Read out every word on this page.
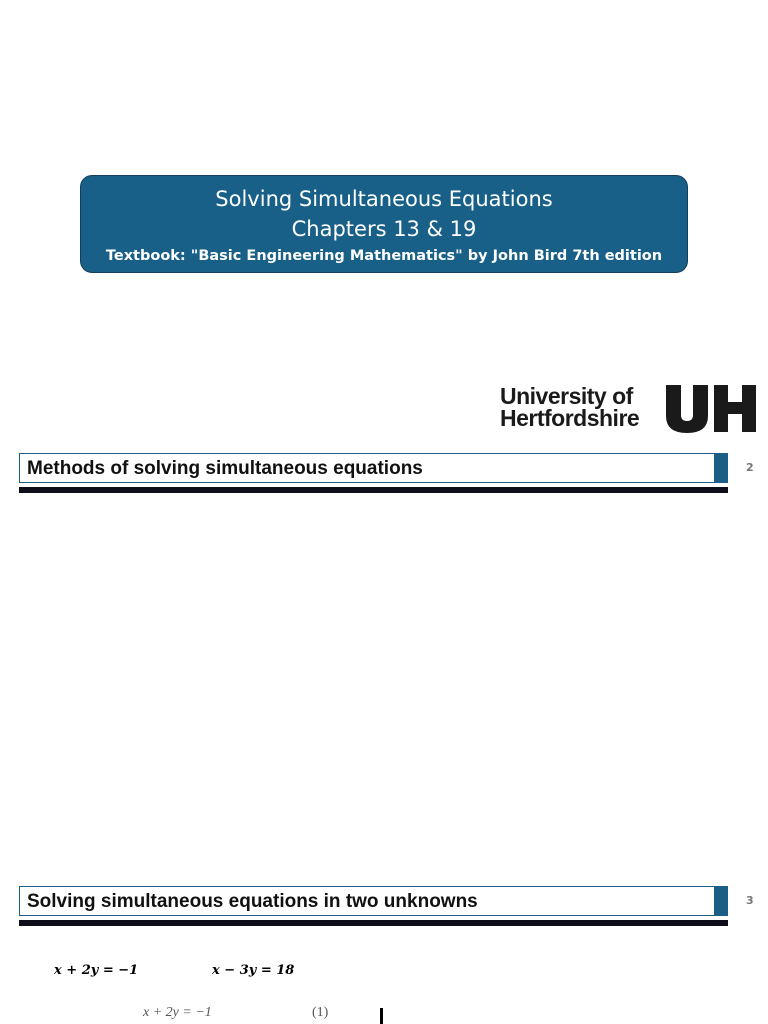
Solving Simultaneous Equations
Chapters 13 & 19
Textbook: "Basic Engineering Mathematics" by John Bird 7th edition
University of
Hertfordshire
Methods of solving simultaneous equations	2
Solving simultaneous equations in two unknowns	3
x + 2y = −1	x − 3y = 18
x + 2y = −1	(1)
